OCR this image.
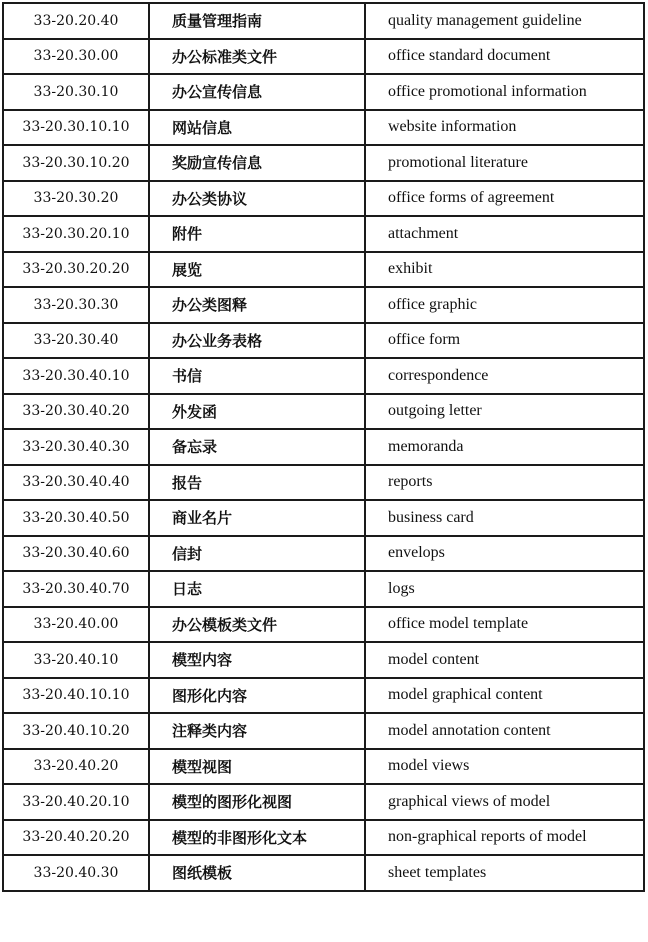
33-20.20.40	质量管理指南	quality management guideline
33-20.30.00	办公标准类文件	office standard document
33-20.30.10	办公宣传信息	office promotional information
33-20.30.10.10	网站信息	website information
33-20.30.10.20	奖励宣传信息	promotional literature
33-20.30.20	办公类协议	office forms of agreement
33-20.30.20.10	附件	attachment
33-20.30.20.20	展览	exhibit
33-20.30.30	办公类图释	office graphic
33-20.30.40	办公业务表格	office form
33-20.30.40.10	书信	correspondence
33-20.30.40.20	外发函	outgoing letter
33-20.30.40.30	备忘录	memoranda
33-20.30.40.40	报告	reports
33-20.30.40.50	商业名片	business card
33-20.30.40.60	信封	envelops
33-20.30.40.70	日志	logs
33-20.40.00	办公模板类文件	office model template
33-20.40.10	模型内容	model content
33-20.40.10.10	图形化内容	model graphical content
33-20.40.10.20	注释类内容	model annotation content
33-20.40.20	模型视图	model views
33-20.40.20.10	模型的图形化视图	graphical views of model
33-20.40.20.20	模型的非图形化文本	non-graphical reports of model
33-20.40.30	图纸模板	sheet templates
